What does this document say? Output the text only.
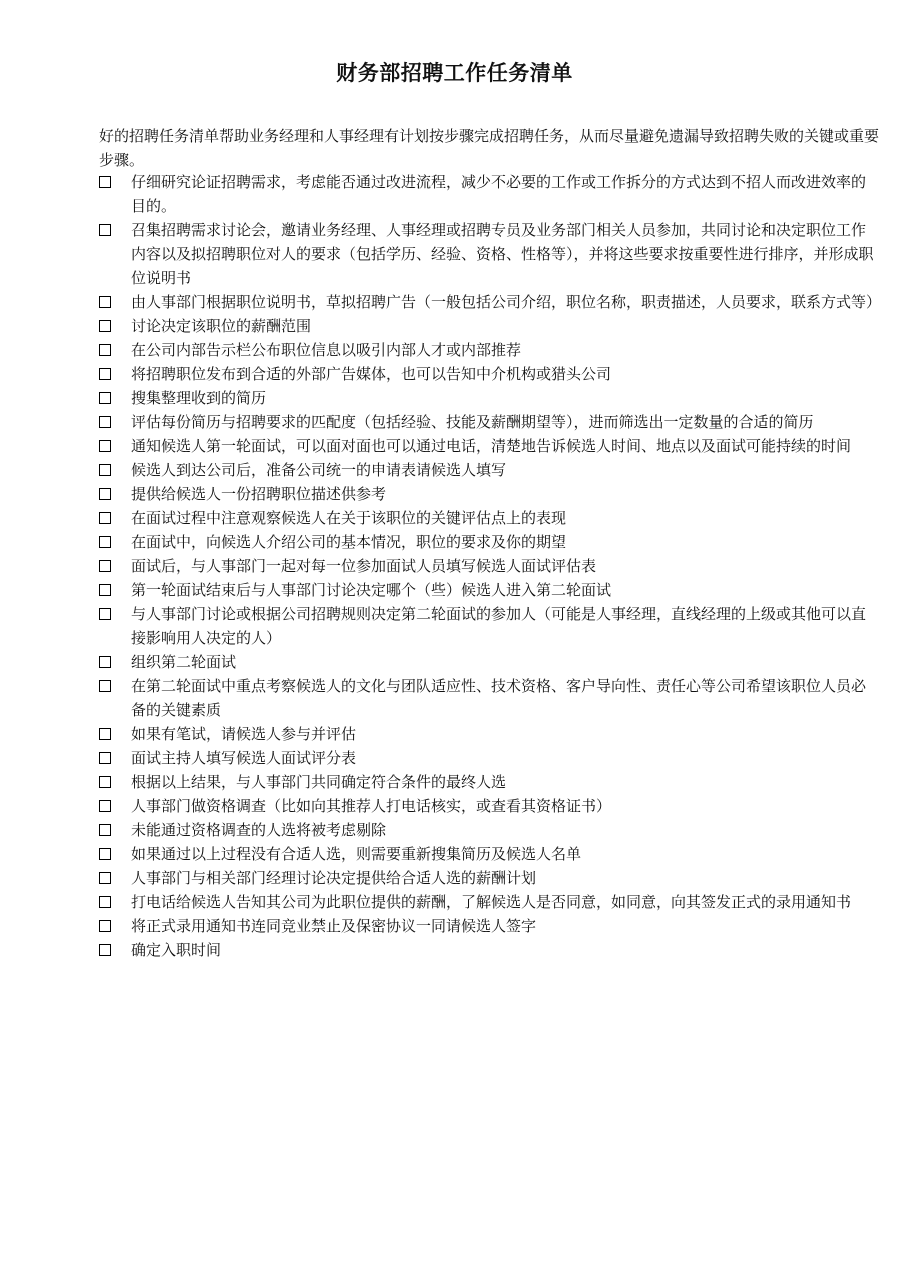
财务部招聘工作任务清单

好的招聘任务清单帮助业务经理和人事经理有计划按步骤完成招聘任务，从而尽量避免遗漏导致招聘失败的关键或重要步骤。

仔细研究论证招聘需求，考虑能否通过改进流程，减少不必要的工作或工作拆分的方式达到不招人而改进效率的目的。
召集招聘需求讨论会，邀请业务经理、人事经理或招聘专员及业务部门相关人员参加，共同讨论和决定职位工作内容以及拟招聘职位对人的要求（包括学历、经验、资格、性格等），并将这些要求按重要性进行排序，并形成职位说明书
由人事部门根据职位说明书，草拟招聘广告（一般包括公司介绍，职位名称，职责描述，人员要求，联系方式等）
讨论决定该职位的薪酬范围
在公司内部告示栏公布职位信息以吸引内部人才或内部推荐
将招聘职位发布到合适的外部广告媒体，也可以告知中介机构或猎头公司
搜集整理收到的简历
评估每份简历与招聘要求的匹配度（包括经验、技能及薪酬期望等），进而筛选出一定数量的合适的简历
通知候选人第一轮面试，可以面对面也可以通过电话，清楚地告诉候选人时间、地点以及面试可能持续的时间
候选人到达公司后，准备公司统一的申请表请候选人填写
提供给候选人一份招聘职位描述供参考
在面试过程中注意观察候选人在关于该职位的关键评估点上的表现
在面试中，向候选人介绍公司的基本情况，职位的要求及你的期望
面试后，与人事部门一起对每一位参加面试人员填写候选人面试评估表
第一轮面试结束后与人事部门讨论决定哪个（些）候选人进入第二轮面试
与人事部门讨论或根据公司招聘规则决定第二轮面试的参加人（可能是人事经理，直线经理的上级或其他可以直接影响用人决定的人）
组织第二轮面试
在第二轮面试中重点考察候选人的文化与团队适应性、技术资格、客户导向性、责任心等公司希望该职位人员必备的关键素质
如果有笔试，请候选人参与并评估
面试主持人填写候选人面试评分表
根据以上结果，与人事部门共同确定符合条件的最终人选
人事部门做资格调查（比如向其推荐人打电话核实，或查看其资格证书）
未能通过资格调查的人选将被考虑剔除
如果通过以上过程没有合适人选，则需要重新搜集简历及候选人名单
人事部门与相关部门经理讨论决定提供给合适人选的薪酬计划
打电话给候选人告知其公司为此职位提供的薪酬，了解候选人是否同意，如同意，向其签发正式的录用通知书
将正式录用通知书连同竞业禁止及保密协议一同请候选人签字
确定入职时间
